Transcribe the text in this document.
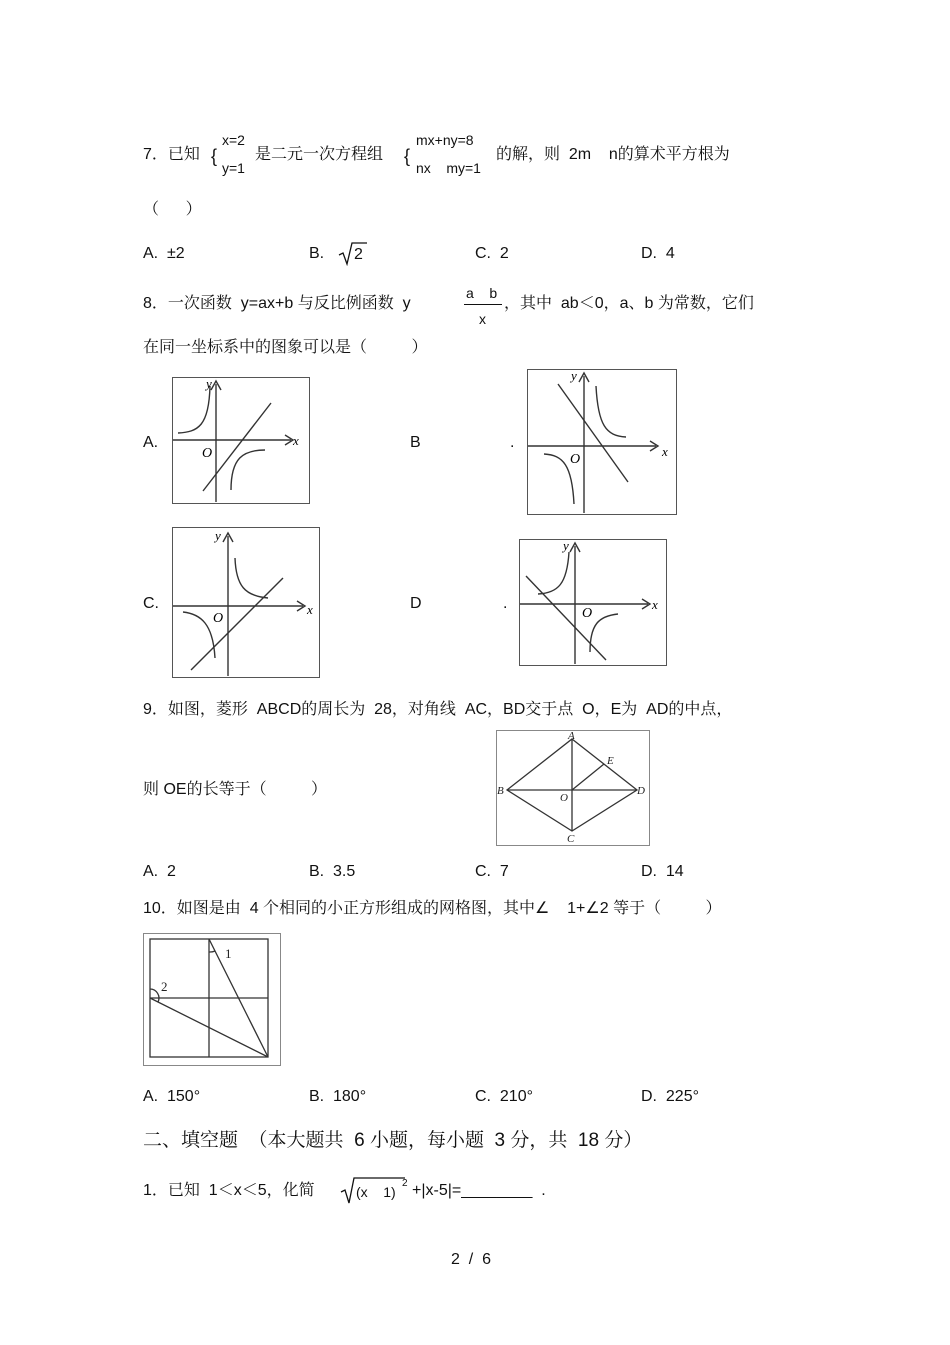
7．已知 {
x=2
y=1
是二元一次方程组 {
mx+ny=8
nx    my=1
的解，则  2m    n的算术平方根为
（      ）
A.  ±2	B. 2	C.  2	D.  4
8．一次函数  y=ax+b 与反比例函数  y
a    b
x
，其中  ab＜0，a、b 为常数，它们
在同一坐标系中的图象可以是（          ）
A.	B	.
C.	D	.
x
y
O	x
y
O
x
y
O
x
y
O
9．如图，菱形  ABCD的周长为  28，对角线  AC，BD交于点  O，E为  AD的中点，
则 OE的长等于（          ）
A
B
C
D
E
O
A.  2	B.  3.5	C.  7	D.  14
10．如图是由  4 个相同的小正方形组成的网格图，其中∠    1+∠2 等于（          ）
1
2
A.  150°	B.  180°	C.  210°	D.  225°
二、填空题  （本大题共  6 小题，每小题  3 分，共  18 分）
1．已知  1＜x＜5，化简	(x    1)
2 +|x-5|=________  .
2  /  6
